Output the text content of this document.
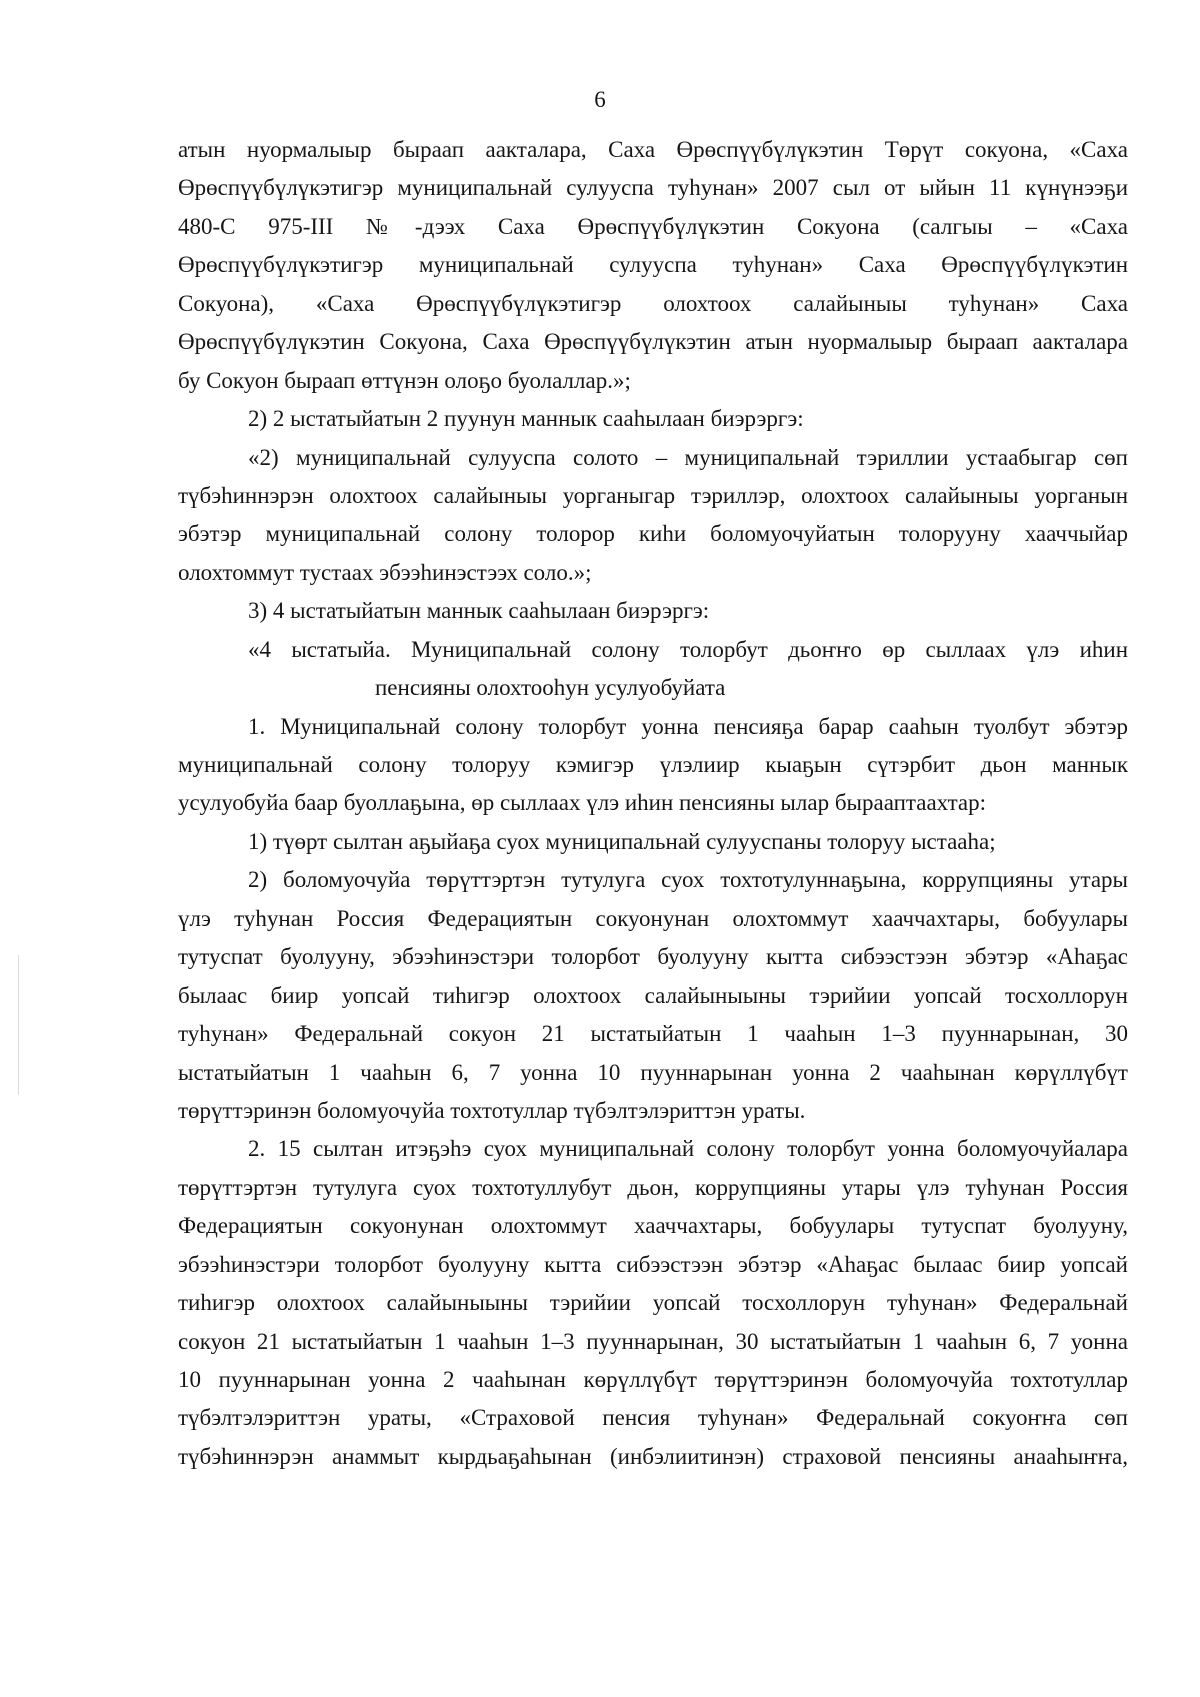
6
атын нуормалыыр быраап аакталара, Саха Өрөспүүбүлүкэтин Төрүт сокуона, «Саха
Өрөспүүбүлүкэтигэр муниципальнай сулууспа туһунан» 2007 сыл от ыйын 11 күнүнээҕи
480-С 975-III №-дээх Саха Өрөспүүбүлүкэтин Сокуона (салгыы – «Саха
Өрөспүүбүлүкэтигэр муниципальнай сулууспа туһунан» Саха Өрөспүүбүлүкэтин
Сокуона), «Саха Өрөспүүбүлүкэтигэр олохтоох салайыныы туһунан» Саха
Өрөспүүбүлүкэтин Сокуона, Саха Өрөспүүбүлүкэтин атын нуормалыыр быраап аакталара
бу Сокуон быраап өттүнэн олоҕо буолаллар.»;
2) 2 ыстатыйатын 2 пуунун маннык сааһылаан биэрэргэ:
«2) муниципальнай сулууспа солото – муниципальнай тэриллии устаабыгар сөп
түбэһиннэрэн олохтоох салайыныы уорганыгар тэриллэр, олохтоох салайыныы уорганын
эбэтэр муниципальнай солону толорор киһи боломуочуйатын толорууну хааччыйар
олохтоммут тустаах эбээһинэстээх соло.»;
3) 4 ыстатыйатын маннык сааһылаан биэрэргэ:
«4 ыстатыйа. Муниципальнай солону толорбут дьоҥҥо өр сыллаах үлэ иһин
пенсияны олохтооһун усулуобуйата
1. Муниципальнай солону толорбут уонна пенсияҕа барар сааһын туолбут эбэтэр
муниципальнай солону толоруу кэмигэр үлэлиир кыаҕын сүтэрбит дьон маннык
усулуобуйа баар буоллаҕына, өр сыллаах үлэ иһин пенсияны ылар бырааптаахтар:
1) түөрт сылтан аҕыйаҕа суох муниципальнай сулууспаны толоруу ыстааһа;
2) боломуочуйа төрүттэртэн тутулуга суох тохтотулуннаҕына, коррупцияны утары
үлэ туһунан Россия Федерациятын сокуонунан олохтоммут хааччахтары, бобуулары
тутуспат буолууну, эбээһинэстэри толорбот буолууну кытта сибээстээн эбэтэр «Аһаҕас
былаас биир уопсай тиһигэр олохтоох салайыныыны тэрийии уопсай тосхоллорун
туһунан» Федеральнай сокуон 21 ыстатыйатын 1 чааһын 1–3 пууннарынан, 30
ыстатыйатын 1 чааһын 6, 7 уонна 10 пууннарынан уонна 2 чааһынан көрүллүбүт
төрүттэринэн боломуочуйа тохтотуллар түбэлтэлэриттэн ураты.
2. 15 сылтан итэҕэһэ суох муниципальнай солону толорбут уонна боломуочуйалара
төрүттэртэн тутулуга суох тохтотуллубут дьон, коррупцияны утары үлэ туһунан Россия
Федерациятын сокуонунан олохтоммут хааччахтары, бобуулары тутуспат буолууну,
эбээһинэстэри толорбот буолууну кытта сибээстээн эбэтэр «Аһаҕас былаас биир уопсай
тиһигэр олохтоох салайыныыны тэрийии уопсай тосхоллорун туһунан» Федеральнай
сокуон 21 ыстатыйатын 1 чааһын 1–3 пууннарынан, 30 ыстатыйатын 1 чааһын 6, 7 уонна
10 пууннарынан уонна 2 чааһынан көрүллүбүт төрүттэринэн боломуочуйа тохтотуллар
түбэлтэлэриттэн ураты, «Страховой пенсия туһунан» Федеральнай сокуоҥҥа сөп
түбэһиннэрэн анаммыт кырдьаҕаһынан (инбэлиитинэн) страховой пенсияны анааһыҥҥа,
